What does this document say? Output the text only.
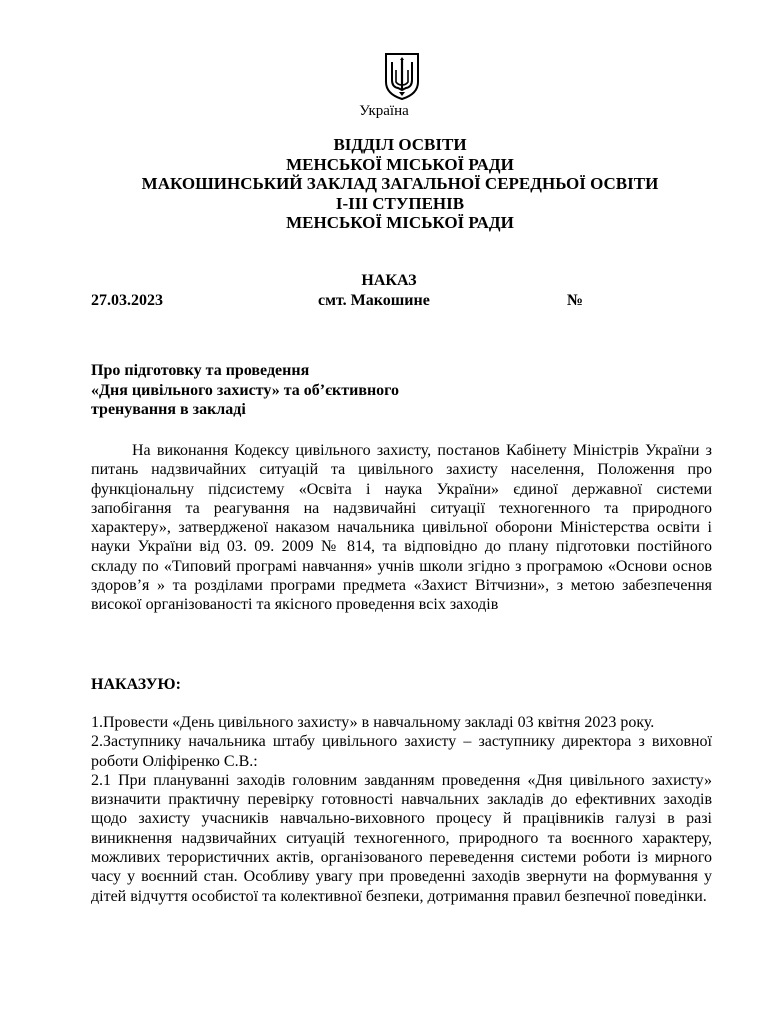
Україна
ВІДДІЛ ОСВІТИ
МЕНСЬКОЇ МІСЬКОЇ РАДИ
МАКОШИНСЬКИЙ ЗАКЛАД ЗАГАЛЬНОЇ СЕРЕДНЬОЇ ОСВІТИ
І-ІІІ СТУПЕНІВ
МЕНСЬКОЇ МІСЬКОЇ РАДИ
НАКАЗ
27.03.2023	смт. Макошине	№
Про підготовку та проведення
«Дня цивільного захисту» та об’єктивного
тренування в закладі
На виконання Кодексу цивільного захисту, постанов Кабінету Міністрів України з питань надзвичайних ситуацій та цивільного захисту населення, Положення про функціональну підсистему «Освіта і наука України» єдиної державної системи запобігання та реагування на надзвичайні ситуації техногенного та природного характеру», затвердженої наказом начальника цивільної оборони Міністерства освіти і науки України від 03. 09. 2009 № 814, та відповідно до плану підготовки постійного складу по «Типовий програмі навчання» учнів школи згідно з програмою «Основи основ здоров’я » та розділами програми предмета «Захист Вітчизни», з метою забезпечення високої організованості та якісного проведення всіх заходів
НАКАЗУЮ:

1.Провести «День цивільного захисту» в навчальному закладі 03 квітня 2023 року.

2.Заступнику начальника штабу цивільного захисту – заступнику директора з виховної роботи Оліфіренко С.В.:

2.1 При плануванні заходів головним завданням проведення «Дня цивільного захисту» визначити практичну перевірку готовності навчальних закладів до ефективних заходів щодо захисту учасників навчально-виховного процесу й працівників галузі в разі виникнення надзвичайних ситуацій техногенного, природного та воєнного характеру, можливих терористичних актів, організованого переведення системи роботи із мирного часу у воєнний стан. Особливу увагу при проведенні заходів звернути на формування у дітей відчуття особистої та колективної безпеки, дотримання правил безпечної поведінки.
